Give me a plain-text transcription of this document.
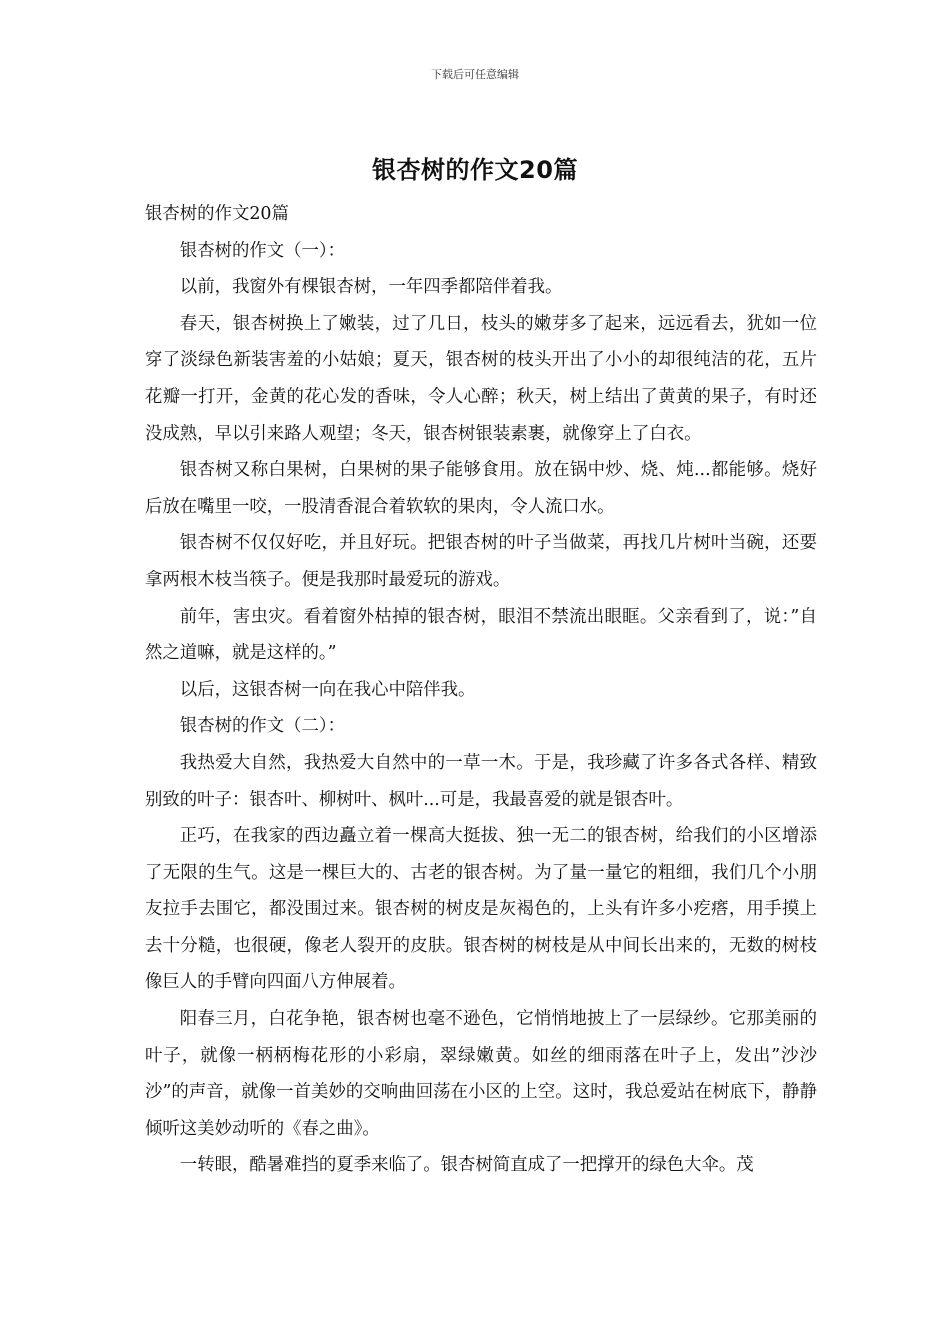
下载后可任意编辑
银杏树的作文20篇

银杏树的作文20篇

银杏树的作文（一）：

以前，我窗外有棵银杏树，一年四季都陪伴着我。

春天，银杏树换上了嫩装，过了几日，枝头的嫩芽多了起来，远远看去，犹如一位穿了淡绿色新装害羞的小姑娘；夏天，银杏树的枝头开出了小小的却很纯洁的花，五片花瓣一打开，金黄的花心发的香味，令人心醉；秋天，树上结出了黄黄的果子，有时还没成熟，早以引来路人观望；冬天，银杏树银装素裹，就像穿上了白衣。

银杏树又称白果树，白果树的果子能够食用。放在锅中炒、烧、炖...都能够。烧好后放在嘴里一咬，一股清香混合着软软的果肉，令人流口水。

银杏树不仅仅好吃，并且好玩。把银杏树的叶子当做菜，再找几片树叶当碗，还要拿两根木枝当筷子。便是我那时最爱玩的游戏。

前年，害虫灾。看着窗外枯掉的银杏树，眼泪不禁流出眼眶。父亲看到了，说：”自然之道嘛，就是这样的。”

以后，这银杏树一向在我心中陪伴我。

银杏树的作文（二）：

我热爱大自然，我热爱大自然中的一草一木。于是，我珍藏了许多各式各样、精致别致的叶子：银杏叶、柳树叶、枫叶...可是，我最喜爱的就是银杏叶。

正巧，在我家的西边矗立着一棵高大挺拔、独一无二的银杏树，给我们的小区增添了无限的生气。这是一棵巨大的、古老的银杏树。为了量一量它的粗细，我们几个小朋友拉手去围它，都没围过来。银杏树的树皮是灰褐色的，上头有许多小疙瘩，用手摸上去十分糙，也很硬，像老人裂开的皮肤。银杏树的树枝是从中间长出来的，无数的树枝像巨人的手臂向四面八方伸展着。

阳春三月，白花争艳，银杏树也毫不逊色，它悄悄地披上了一层绿纱。它那美丽的叶子，就像一柄柄梅花形的小彩扇，翠绿嫩黄。如丝的细雨落在叶子上，发出”沙沙沙”的声音，就像一首美妙的交响曲回荡在小区的上空。这时，我总爱站在树底下，静静倾听这美妙动听的《春之曲》。

一转眼，酷暑难挡的夏季来临了。银杏树简直成了一把撑开的绿色大伞。茂
